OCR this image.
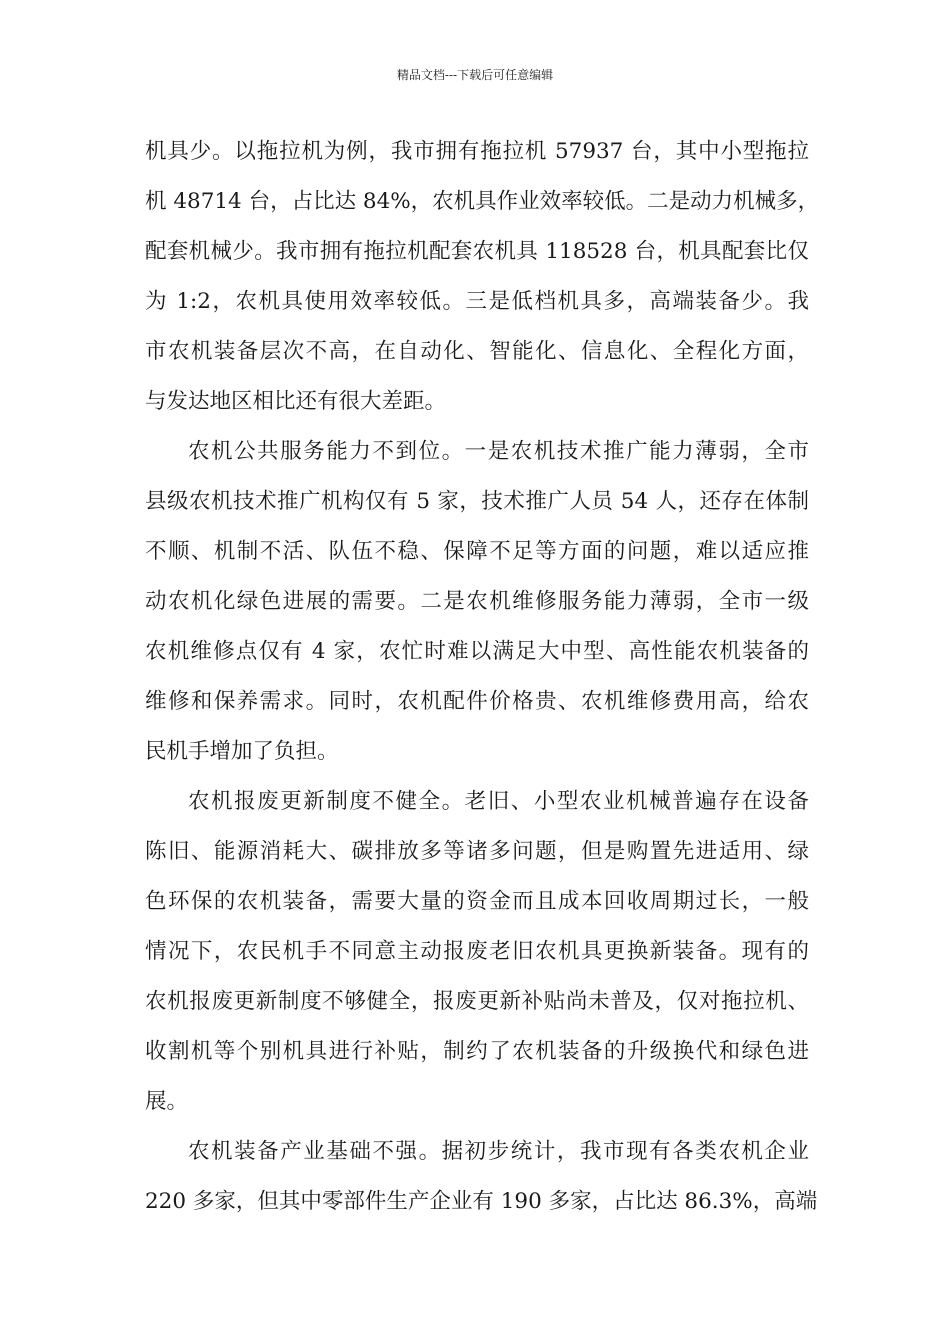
精品文档---下载后可任意编辑
机具少。以拖拉机为例，我市拥有拖拉机 57937 台，其中小型拖拉
机 48714 台，占比达 84%，农机具作业效率较低。二是动力机械多，
配套机械少。我市拥有拖拉机配套农机具 118528 台，机具配套比仅
为 1:2，农机具使用效率较低。三是低档机具多，高端装备少。我
市农机装备层次不高，在自动化、智能化、信息化、全程化方面，
与发达地区相比还有很大差距。
农机公共服务能力不到位。一是农机技术推广能力薄弱，全市
县级农机技术推广机构仅有 5 家，技术推广人员 54 人，还存在体制
不顺、机制不活、队伍不稳、保障不足等方面的问题，难以适应推
动农机化绿色进展的需要。二是农机维修服务能力薄弱，全市一级
农机维修点仅有 4 家，农忙时难以满足大中型、高性能农机装备的
维修和保养需求。同时，农机配件价格贵、农机维修费用高，给农
民机手增加了负担。
农机报废更新制度不健全。老旧、小型农业机械普遍存在设备
陈旧、能源消耗大、碳排放多等诸多问题，但是购置先进适用、绿
色环保的农机装备，需要大量的资金而且成本回收周期过长，一般
情况下，农民机手不同意主动报废老旧农机具更换新装备。现有的
农机报废更新制度不够健全，报废更新补贴尚未普及，仅对拖拉机、
收割机等个别机具进行补贴，制约了农机装备的升级换代和绿色进
展。
农机装备产业基础不强。据初步统计，我市现有各类农机企业
220 多家，但其中零部件生产企业有 190 多家，占比达 86.3%，高端
